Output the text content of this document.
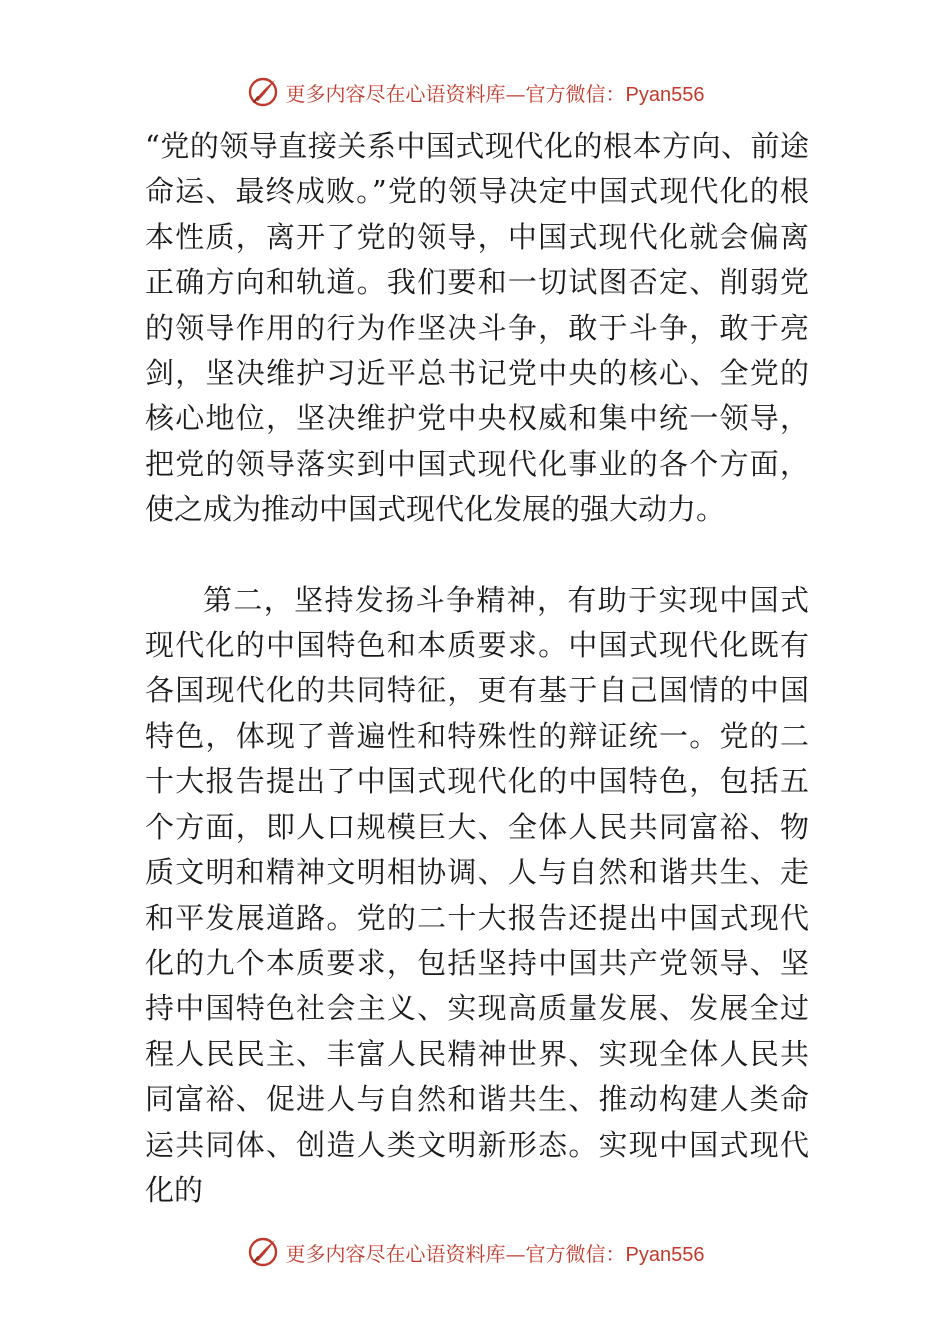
更多内容尽在心语资料库—官方微信：Pyan556

“党的领导直接关系中国式现代化的根本方向、前途命运、最终成败。”党的领导决定中国式现代化的根本性质，离开了党的领导，中国式现代化就会偏离正确方向和轨道。我们要和一切试图否定、削弱党的领导作用的行为作坚决斗争，敢于斗争，敢于亮剑，坚决维护习近平总书记党中央的核心、全党的核心地位，坚决维护党中央权威和集中统一领导，把党的领导落实到中国式现代化事业的各个方面，使之成为推动中国式现代化发展的强大动力。

第二，坚持发扬斗争精神，有助于实现中国式现代化的中国特色和本质要求。中国式现代化既有各国现代化的共同特征，更有基于自己国情的中国特色，体现了普遍性和特殊性的辩证统一。党的二十大报告提出了中国式现代化的中国特色，包括五个方面，即人口规模巨大、全体人民共同富裕、物质文明和精神文明相协调、人与自然和谐共生、走和平发展道路。党的二十大报告还提出中国式现代化的九个本质要求，包括坚持中国共产党领导、坚持中国特色社会主义、实现高质量发展、发展全过程人民民主、丰富人民精神世界、实现全体人民共同富裕、促进人与自然和谐共生、推动构建人类命运共同体、创造人类文明新形态。实现中国式现代化的

更多内容尽在心语资料库—官方微信：Pyan556
